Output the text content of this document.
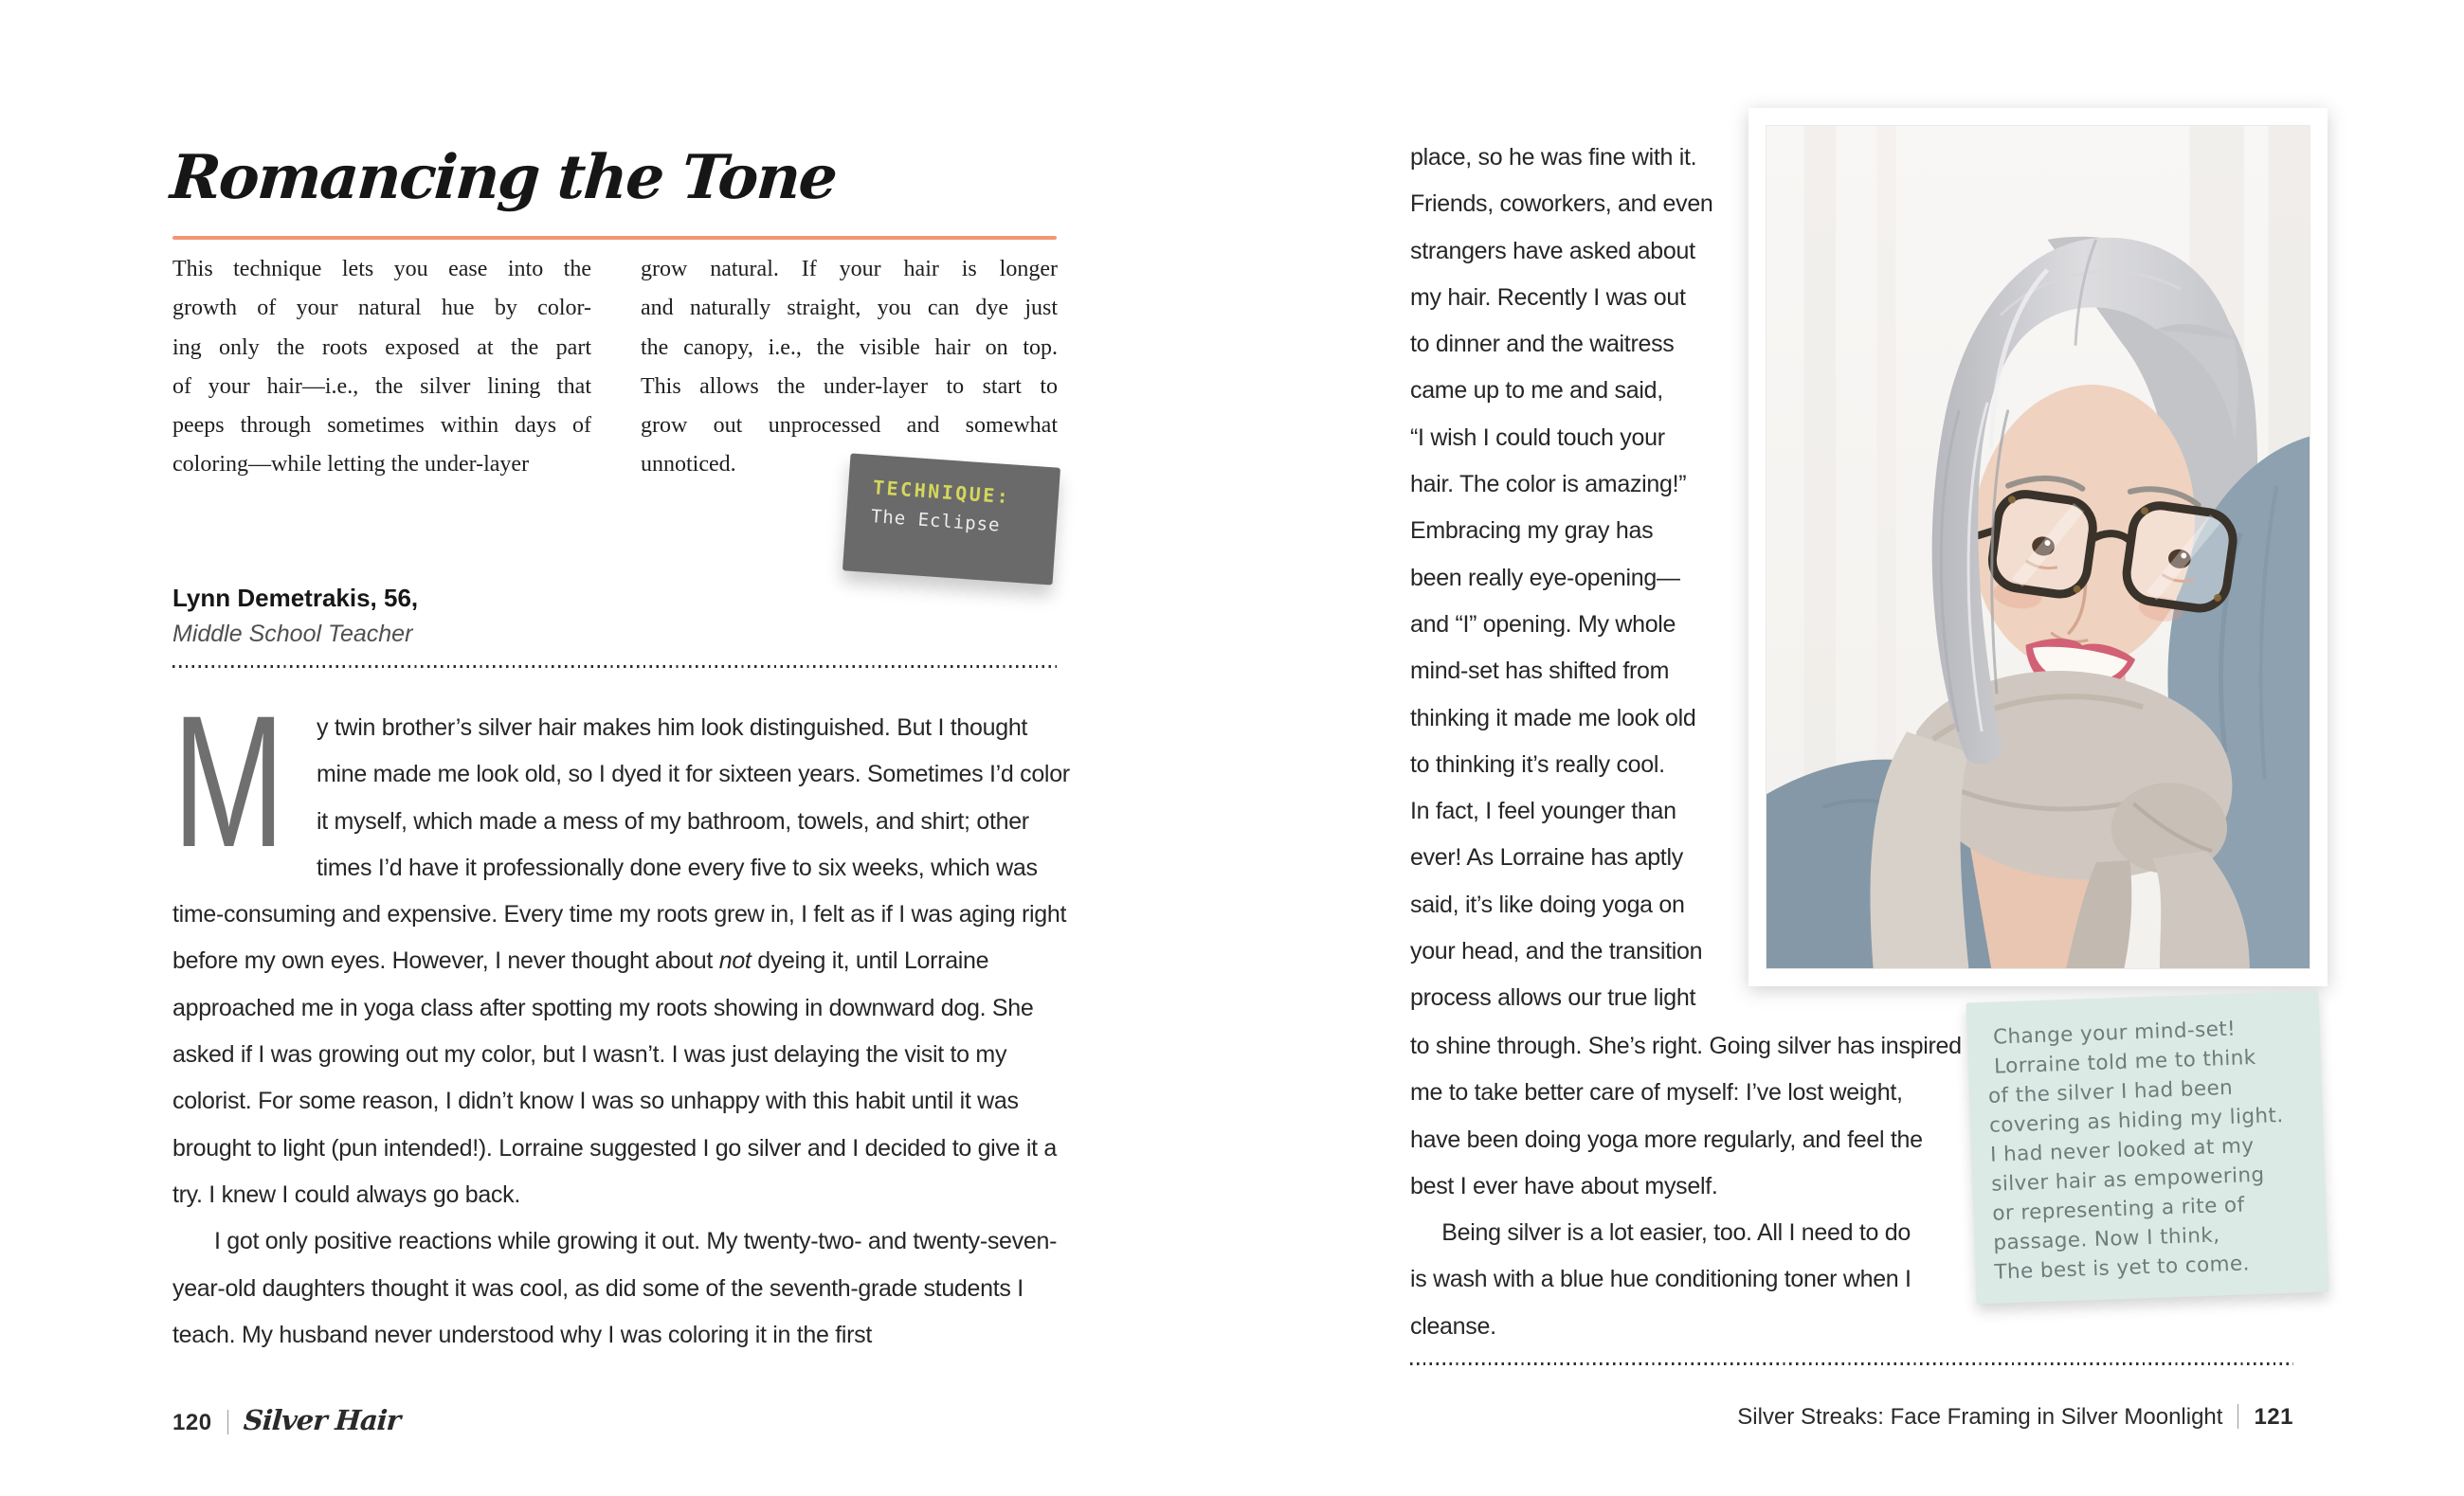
Romancing the Tone
This technique lets you ease into the
growth of your natural hue by color-
ing only the roots exposed at the part
of your hair—i.e., the silver lining that
peeps through sometimes within days of
coloring—while letting the under-layer
grow natural. If your hair is longer
and naturally straight, you can dye just
the canopy, i.e., the visible hair on top.
This allows the under-layer to start to
grow out unprocessed and somewhat
unnoticed.
TECHNIQUE:
The Eclipse
Lynn Demetrakis, 56,
Middle School Teacher

M y twin brother’s silver hair makes him look distinguished. But I thought mine made me look old, so I dyed it for sixteen years. Sometimes I’d color it myself, which made a mess of my bathroom, towels, and shirt; other times I’d have it professionally done every five to six weeks, which was time-consuming and expensive. Every time my roots grew in, I felt as if I was aging right before my own eyes. However, I never thought about not dyeing it, until Lorraine approached me in yoga class after spotting my roots showing in downward dog. She asked if I was growing out my color, but I wasn’t. I was just delaying the visit to my colorist. For some reason, I didn’t know I was so unhappy with this habit until it was brought to light (pun intended!). Lorraine suggested I go silver and I decided to give it a try. I knew I could always go back.

I got only positive reactions while growing it out. My twenty-two- and twenty-seven-year-old daughters thought it was cool, as did some of the seventh-grade students I teach. My husband never understood why I was coloring it in the first

120 Silver Hair
place, so he was fine with it.
Friends, coworkers, and even
strangers have asked about
my hair. Recently I was out
to dinner and the waitress
came up to me and said,
“I wish I could touch your
hair. The color is amazing!”
Embracing my gray has
been really eye-opening—
and “I” opening. My whole
mind-set has shifted from
thinking it made me look old
to thinking it’s really cool.
In fact, I feel younger than
ever! As Lorraine has aptly
said, it’s like doing yoga on
your head, and the transition
process allows our true light
to shine through. She’s right. Going silver has inspired
me to take better care of myself: I’ve lost weight,
have been doing yoga more regularly, and feel the
best I ever have about myself.
Being silver is a lot easier, too. All I need to do
is wash with a blue hue conditioning toner when I
cleanse.
Change your mind-set!
Lorraine told me to think
of the silver I had been
covering as hiding my light.
I had never looked at my
silver hair as empowering
or representing a rite of
passage. Now I think,
The best is yet to come.
Silver Streaks: Face Framing in Silver Moonlight 121
